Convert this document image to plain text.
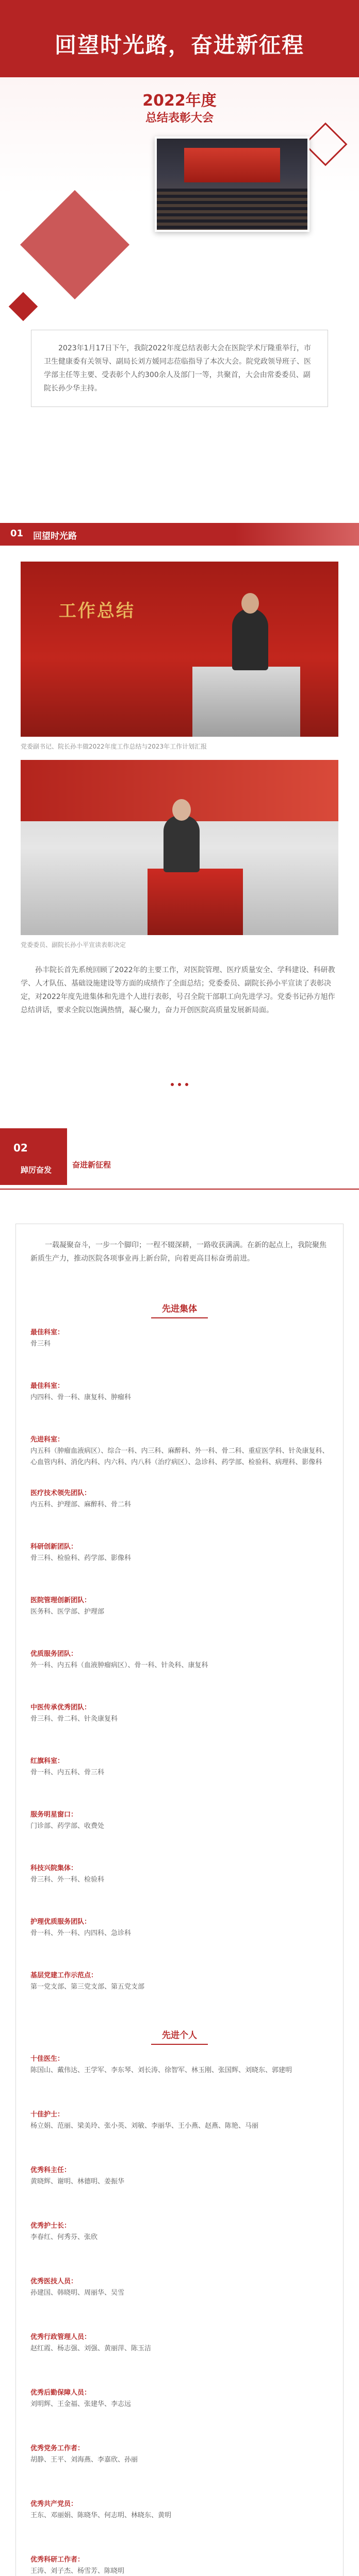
回望时光路，奋进新征程
2022年度
总结表彰大会
2023年1月17日下午，我院2022年度总结表彰大会在医院学术厅隆重举行，市卫生健康委有关领导、副局长刘方媛同志莅临指导了本次大会。院党政领导班子、医学部主任等主要、受表彰个人约300余人及部门一等，共聚首，大会由常委委员、副院长孙少华主持。
01 回望时光路
工作总结
党委副书记、院长孙丰做2022年度工作总结与2023年工作计划汇报
党委委员、副院长孙小平宣读表彰决定
孙丰院长首先系统回顾了2022年的主要工作，对医院管理、医疗质量安全、学科建设、科研教学、人才队伍、基础设施建设等方面的成绩作了全面总结；党委委员、副院长孙小平宣读了表彰决定，对2022年度先进集体和先进个人进行表彰，号召全院干部职工向先进学习。党委书记孙方旭作总结讲话，要求全院以饱满热情，凝心聚力，奋力开创医院高质量发展新局面。
02
踔厉奋发
奋进新征程
一载凝聚奋斗，一步一个脚印；一程不辍深耕，一路收获满满。在新的起点上，我院聚焦新质生产力，推动医院各项事业再上新台阶，向着更高目标奋勇前进。
先进集体
最佳科室：
骨三科
最佳科室：
内四科、骨一科、康复科、肿瘤科
先进科室：
内五科（肿瘤血液病区）、综合一科、内三科、麻醉科、外一科、骨二科、重症医学科、针灸康复科、心血管内科、消化内科、内六科、内八科（治疗病区）、急诊科、药学部、检验科、病理科、影像科
医疗技术领先团队：
内五科、护理部、麻醉科、骨二科
科研创新团队：
骨三科、检验科、药学部、影像科
医院管理创新团队：
医务科、医学部、护理部
优质服务团队：
外一科、内五科（血液肿瘤病区）、骨一科、针灸科、康复科
中医传承优秀团队：
骨三科、骨二科、针灸康复科
红旗科室：
骨一科、内五科、骨三科
服务明星窗口：
门诊部、药学部、收费处
科技兴院集体：
骨三科、外一科、检验科
护理优质服务团队：
骨一科、外一科、内四科、急诊科
基层党建工作示范点：
第一党支部、第三党支部、第五党支部
先进个人
十佳医生：
陈国山、戴伟达、王学军、李东琴、刘长涛、徐智军、林玉刚、张国辉、刘晓东、郭建明
十佳护士：
杨立娟、范丽、梁美玲、张小英、刘敏、李丽华、王小燕、赵燕、陈艳、马丽
优秀科主任：
黄晓辉、谢明、林德明、姜振华
优秀护士长：
李春红、何秀芬、张欣
优秀医技人员：
孙建国、韩晓明、周丽华、吴雪
优秀行政管理人员：
赵红霞、杨志强、刘强、黄丽萍、陈玉洁
优秀后勤保障人员：
刘明辉、王金福、张建华、李志远
优秀党务工作者：
胡静、王平、刘海燕、李嘉欣、孙丽
优秀共产党员：
王东、邓丽娟、陈晓华、何志明、林晓东、黄明
优秀科研工作者：
王涛、刘子杰、杨雪芳、陈晓明
